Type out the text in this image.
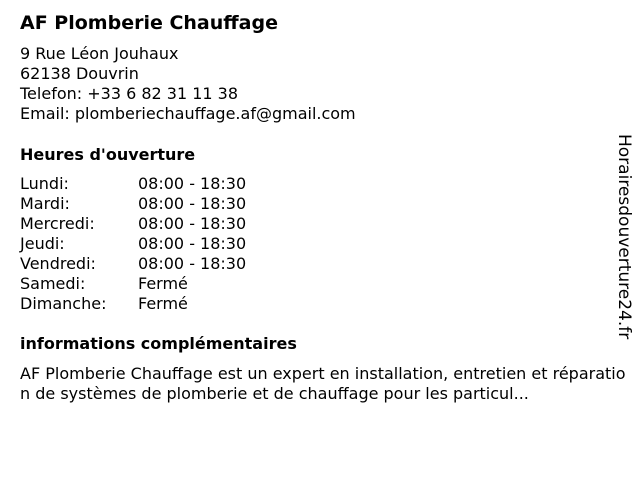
AF Plomberie Chauffage
9 Rue Léon Jouhaux
62138 Douvrin
Telefon: +33 6 82 31 11 38
Email: plomberiechauffage.af@gmail.com
Heures d'ouverture
Lundi:	08:00 - 18:30
Mardi:	08:00 - 18:30
Mercredi:	08:00 - 18:30
Jeudi:	08:00 - 18:30
Vendredi:	08:00 - 18:30
Samedi:	Fermé
Dimanche:	Fermé
informations complémentaires
AF Plomberie Chauffage est un expert en installation, entretien et réparation de systèmes de plomberie et de chauffage pour les particul...
Horairesdouverture24.fr
